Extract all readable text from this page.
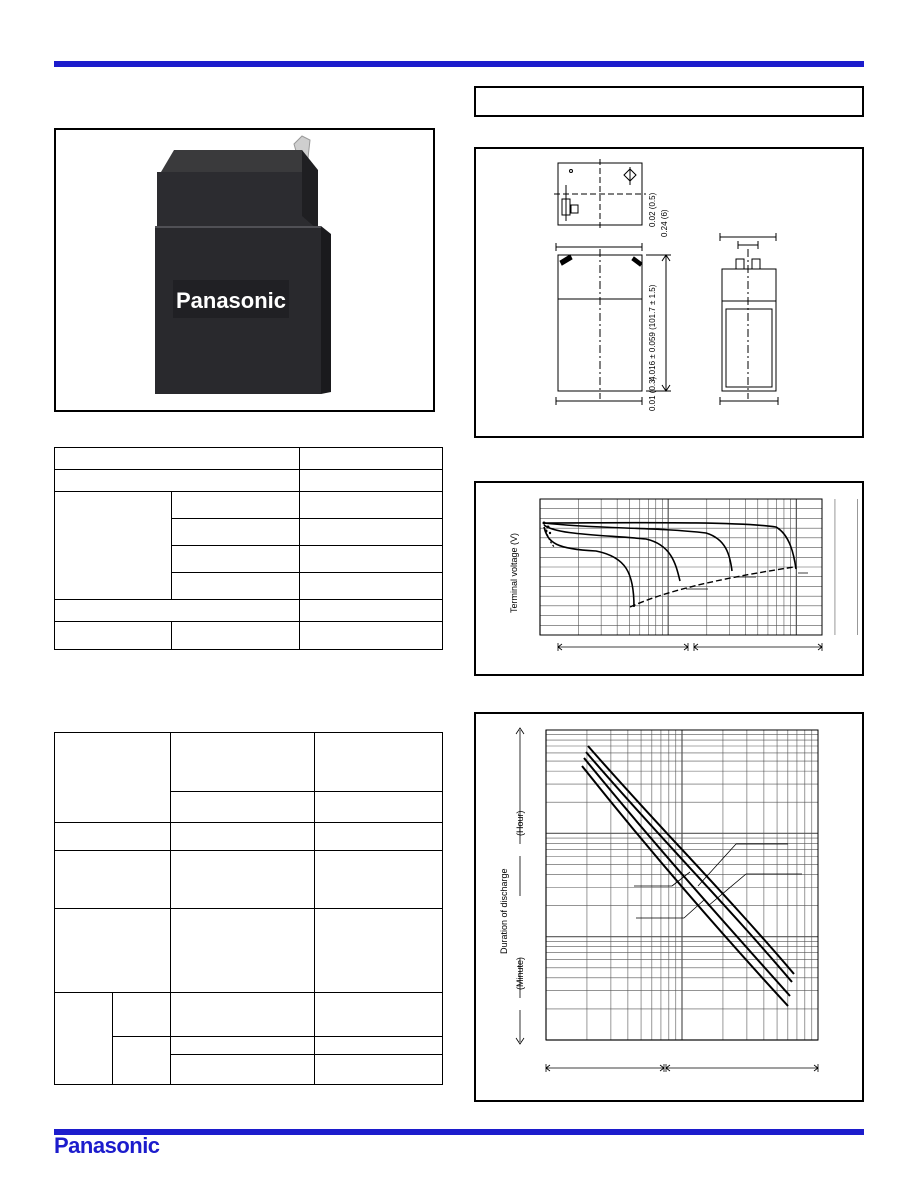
Panasonic

0.02 (0.5) 0.24 (6)
4.016 ± 0.059 (101.7 ± 1.5)
0.01 (0.3)
Terminal voltage (V)
Duration of discharge
(Hour)
(Minute)
Panasonic
